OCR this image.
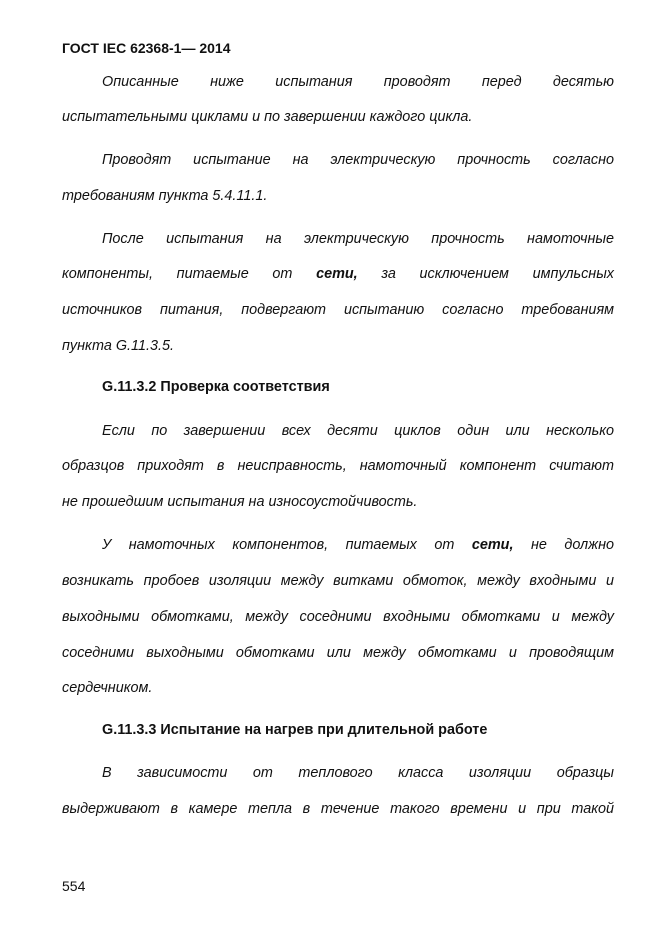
ГОСТ IEC 62368-1— 2014
Описанные ниже испытания проводят перед десятью
испытательными циклами и по завершении каждого цикла.
Проводят испытание на электрическую прочность согласно
требованиям пункта 5.4.11.1.
После испытания на электрическую прочность намоточные
компоненты, питаемые от сети, за исключением импульсных
источников питания, подвергают испытанию согласно требованиям
пункта G.11.3.5.
G.11.3.2 Проверка соответствия
Если по завершении всех десяти циклов один или несколько
образцов приходят в неисправность, намоточный компонент считают
не прошедшим испытания на износоустойчивость.
У намоточных компонентов, питаемых от сети, не должно
возникать пробоев изоляции между витками обмоток, между входными и
выходными обмотками, между соседними входными обмотками и между
соседними выходными обмотками или между обмотками и проводящим
сердечником.
G.11.3.3 Испытание на нагрев при длительной работе
В зависимости от теплового класса изоляции образцы
выдерживают в камере тепла в течение такого времени и при такой
554
